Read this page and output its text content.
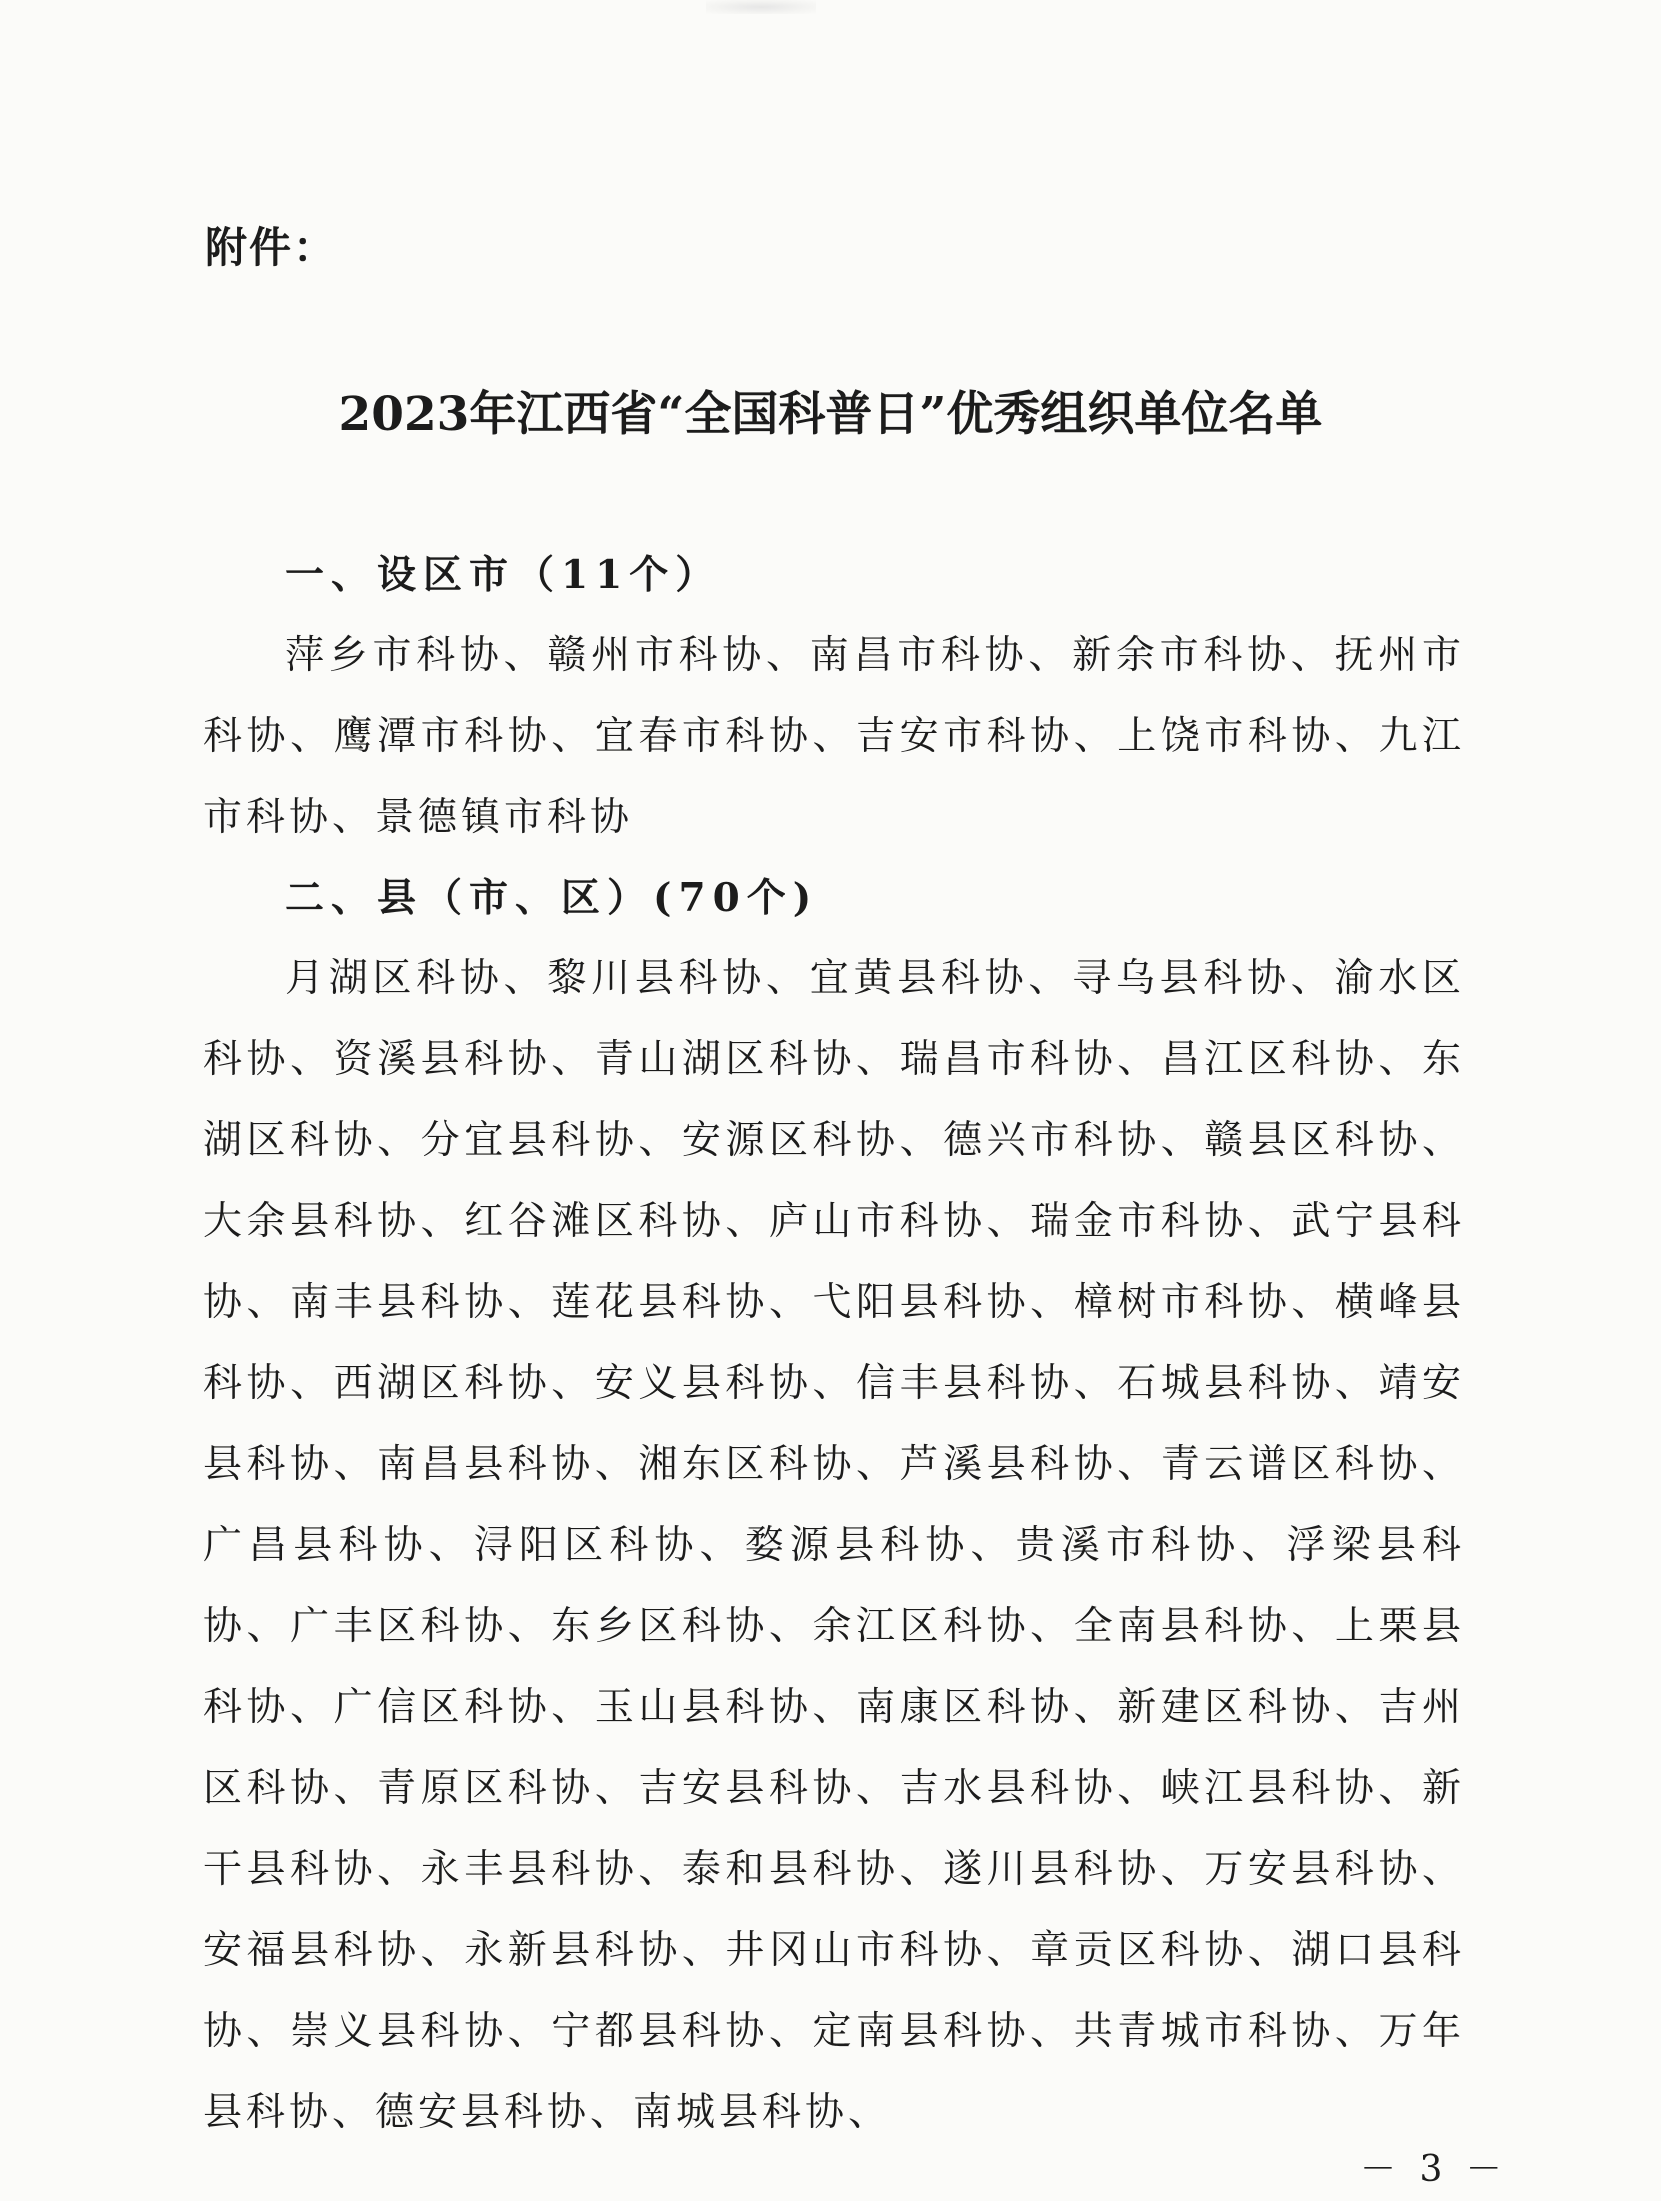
附件：
2023年江西省“全国科普日”优秀组织单位名单
一、设区市（11个）

萍乡市科协、赣州市科协、南昌市科协、新余市科协、抚州市科协、鹰潭市科协、宜春市科协、吉安市科协、上饶市科协、九江市科协、景德镇市科协

二、县（市、区）(70个)

月湖区科协、黎川县科协、宜黄县科协、寻乌县科协、渝水区科协、资溪县科协、青山湖区科协、瑞昌市科协、昌江区科协、东湖区科协、分宜县科协、安源区科协、德兴市科协、赣县区科协、大余县科协、红谷滩区科协、庐山市科协、瑞金市科协、武宁县科协、南丰县科协、莲花县科协、弋阳县科协、樟树市科协、横峰县科协、西湖区科协、安义县科协、信丰县科协、石城县科协、靖安县科协、南昌县科协、湘东区科协、芦溪县科协、青云谱区科协、广昌县科协、浔阳区科协、婺源县科协、贵溪市科协、浮梁县科协、广丰区科协、东乡区科协、余江区科协、全南县科协、上栗县科协、广信区科协、玉山县科协、南康区科协、新建区科协、吉州区科协、青原区科协、吉安县科协、吉水县科协、峡江县科协、新干县科协、永丰县科协、泰和县科协、遂川县科协、万安县科协、安福县科协、永新县科协、井冈山市科协、章贡区科协、湖口县科协、崇义县科协、宁都县科协、定南县科协、共青城市科协、万年县科协、德安县科协、南城县科协、

－ 3 －
